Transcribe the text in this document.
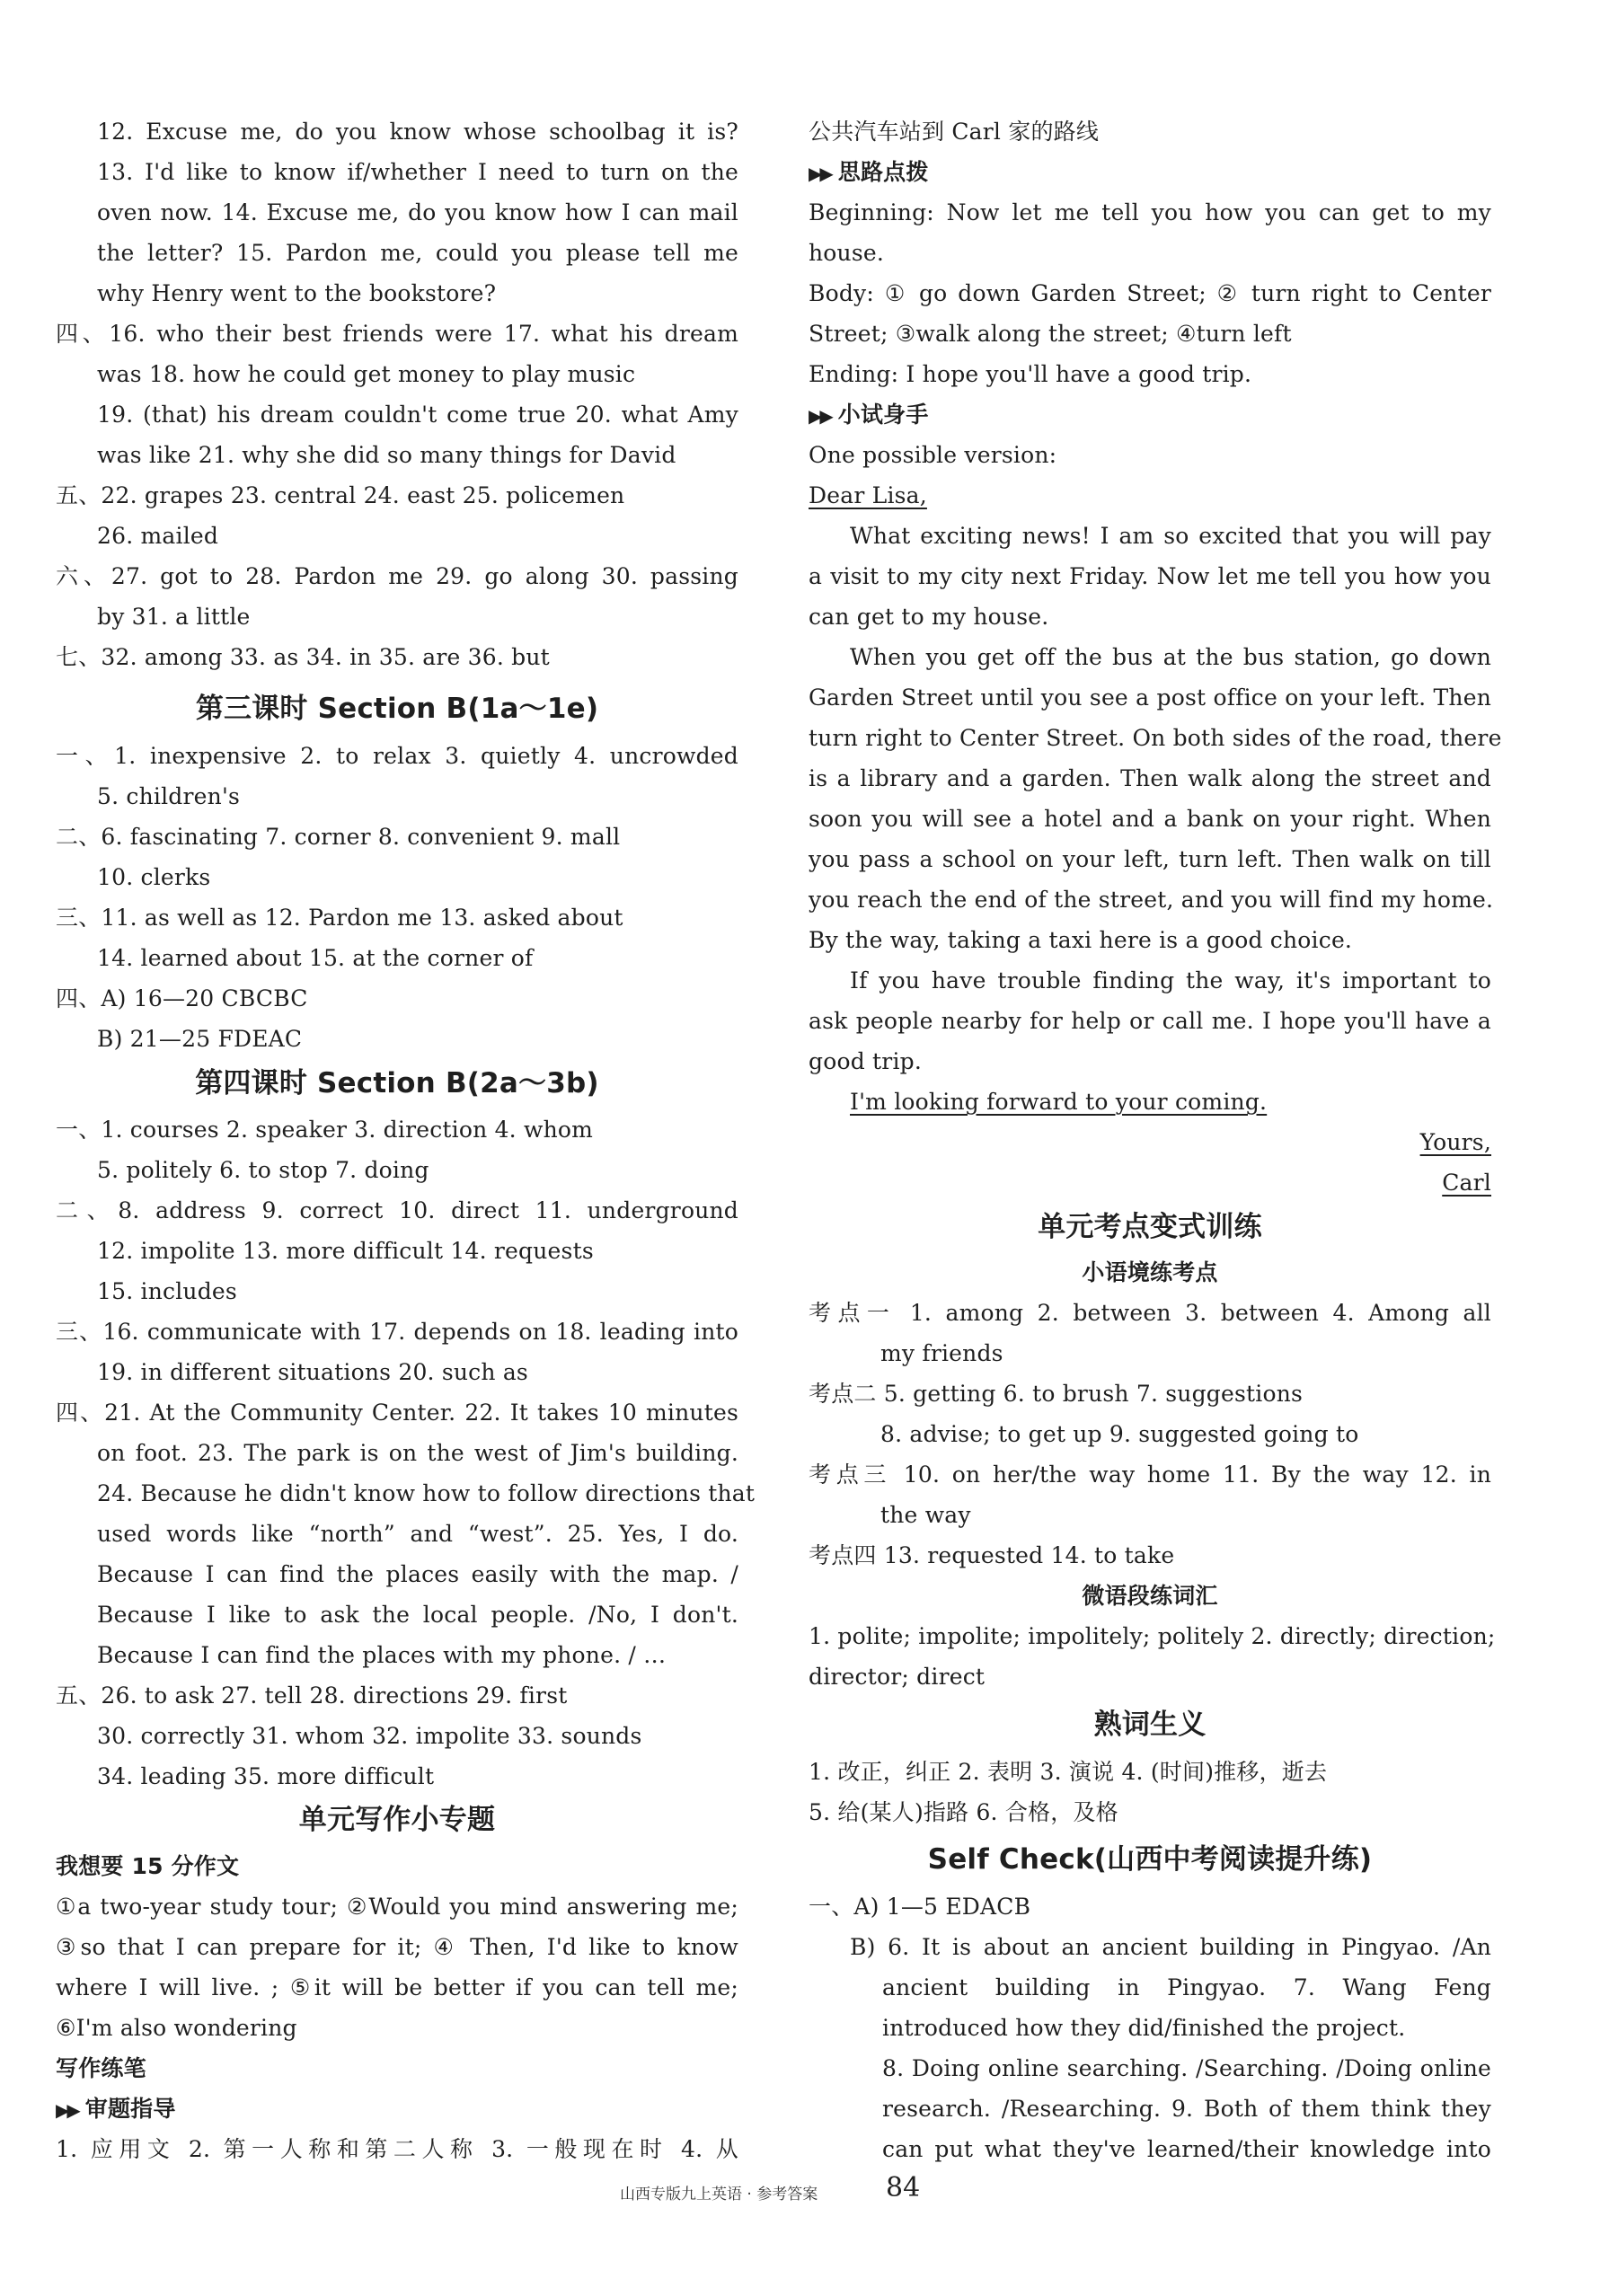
12. Excuse me, do you know whose schoolbag it is?
13. I'd like to know if/whether I need to turn on the
oven now. 14. Excuse me, do you know how I can mail
the letter? 15. Pardon me, could you please tell me
why Henry went to the bookstore?
四、16. who their best friends were 17. what his dream
was 18. how he could get money to play music
19. (that) his dream couldn't come true 20. what Amy
was like 21. why she did so many things for David
五、22. grapes 23. central 24. east 25. policemen
26. mailed
六、27. got to 28. Pardon me 29. go along 30. passing
by 31. a little
七、32. among 33. as 34. in 35. are 36. but
第三课时 Section B(1a～1e)
一、1. inexpensive 2. to relax 3. quietly 4. uncrowded
5. children's
二、6. fascinating 7. corner 8. convenient 9. mall
10. clerks
三、11. as well as 12. Pardon me 13. asked about
14. learned about 15. at the corner of
四、A) 16—20 CBCBC
B) 21—25 FDEAC
第四课时 Section B(2a～3b)
一、1. courses 2. speaker 3. direction 4. whom
5. politely 6. to stop 7. doing
二、8. address 9. correct 10. direct 11. underground
12. impolite 13. more difficult 14. requests
15. includes
三、16. communicate with 17. depends on 18. leading into
19. in different situations 20. such as
四、21. At the Community Center. 22. It takes 10 minutes
on foot. 23. The park is on the west of Jim's building.
24. Because he didn't know how to follow directions that
used words like “north” and “west”. 25. Yes, I do.
Because I can find the places easily with the map. /
Because I like to ask the local people. /No, I don't.
Because I can find the places with my phone. / …
五、26. to ask 27. tell 28. directions 29. first
30. correctly 31. whom 32. impolite 33. sounds
34. leading 35. more difficult
单元写作小专题
我想要 15 分作文
①a two-year study tour; ②Would you mind answering me;
③so that I can prepare for it; ④ Then, I'd like to know
where I will live. ; ⑤it will be better if you can tell me;
⑥I'm also wondering
写作练笔
▶▶ 审题指导
1. 应用文 2. 第一人称和第二人称 3. 一般现在时 4. 从
公共汽车站到 Carl 家的路线
▶▶ 思路点拨
Beginning: Now let me tell you how you can get to my
house.
Body: ① go down Garden Street; ② turn right to Center
Street; ③walk along the street; ④turn left
Ending: I hope you'll have a good trip.
▶▶ 小试身手
One possible version:
Dear Lisa,
What exciting news! I am so excited that you will pay
a visit to my city next Friday. Now let me tell you how you
can get to my house.
When you get off the bus at the bus station, go down
Garden Street until you see a post office on your left. Then
turn right to Center Street. On both sides of the road, there
is a library and a garden. Then walk along the street and
soon you will see a hotel and a bank on your right. When
you pass a school on your left, turn left. Then walk on till
you reach the end of the street, and you will find my home.
By the way, taking a taxi here is a good choice.
If you have trouble finding the way, it's important to
ask people nearby for help or call me. I hope you'll have a
good trip.
I'm looking forward to your coming.
Yours,
Carl
单元考点变式训练
小语境练考点
考点一 1. among 2. between 3. between 4. Among all
my friends
考点二 5. getting 6. to brush 7. suggestions
8. advise; to get up 9. suggested going to
考点三 10. on her/the way home 11. By the way 12. in
the way
考点四 13. requested 14. to take
微语段练词汇
1. polite; impolite; impolitely; politely 2. directly; direction;
director; direct
熟词生义
1. 改正，纠正 2. 表明 3. 演说 4. (时间)推移，逝去
5. 给(某人)指路 6. 合格，及格
Self Check(山西中考阅读提升练)
一、A) 1—5 EDACB
B) 6. It is about an ancient building in Pingyao. /An
ancient building in Pingyao. 7. Wang Feng
introduced how they did/finished the project.
8. Doing online searching. /Searching. /Doing online
research. /Researching. 9. Both of them think they
can put what they've learned/their knowledge into
山西专版九上英语 · 参考答案	84
